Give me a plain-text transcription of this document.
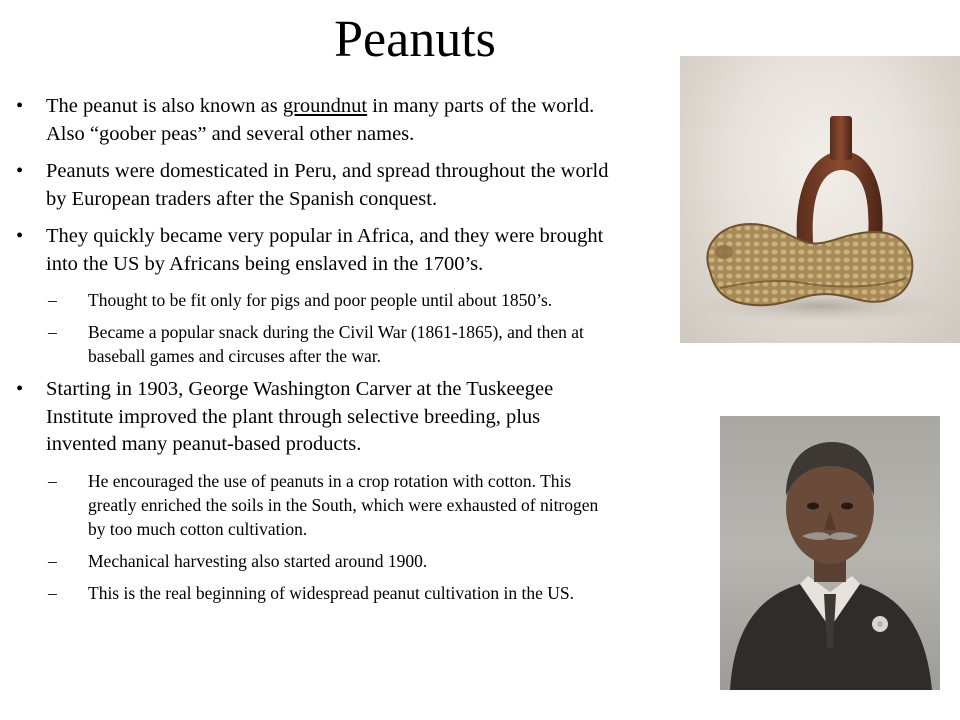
Peanuts
• The peanut is also known as groundnut in many parts of the world. Also “goober peas” and several other names.
• Peanuts were domesticated in Peru, and spread throughout the world by European traders after the Spanish conquest.
• They quickly became very popular in Africa, and they were brought into the US by Africans being enslaved in the 1700’s.
– Thought to be fit only for pigs and poor people until about 1850’s.
– Became a popular snack during the Civil War (1861-1865), and then at baseball games and circuses after the war.
• Starting in 1903, George Washington Carver at the Tuskeegee Institute improved the plant through selective breeding, plus invented many peanut-based products.
– He encouraged the use of peanuts in a crop rotation with cotton. This greatly enriched the soils in the South, which were exhausted of nitrogen by too much cotton cultivation.
– Mechanical harvesting also started around 1900.
– This is the real beginning of widespread peanut cultivation in the US.
